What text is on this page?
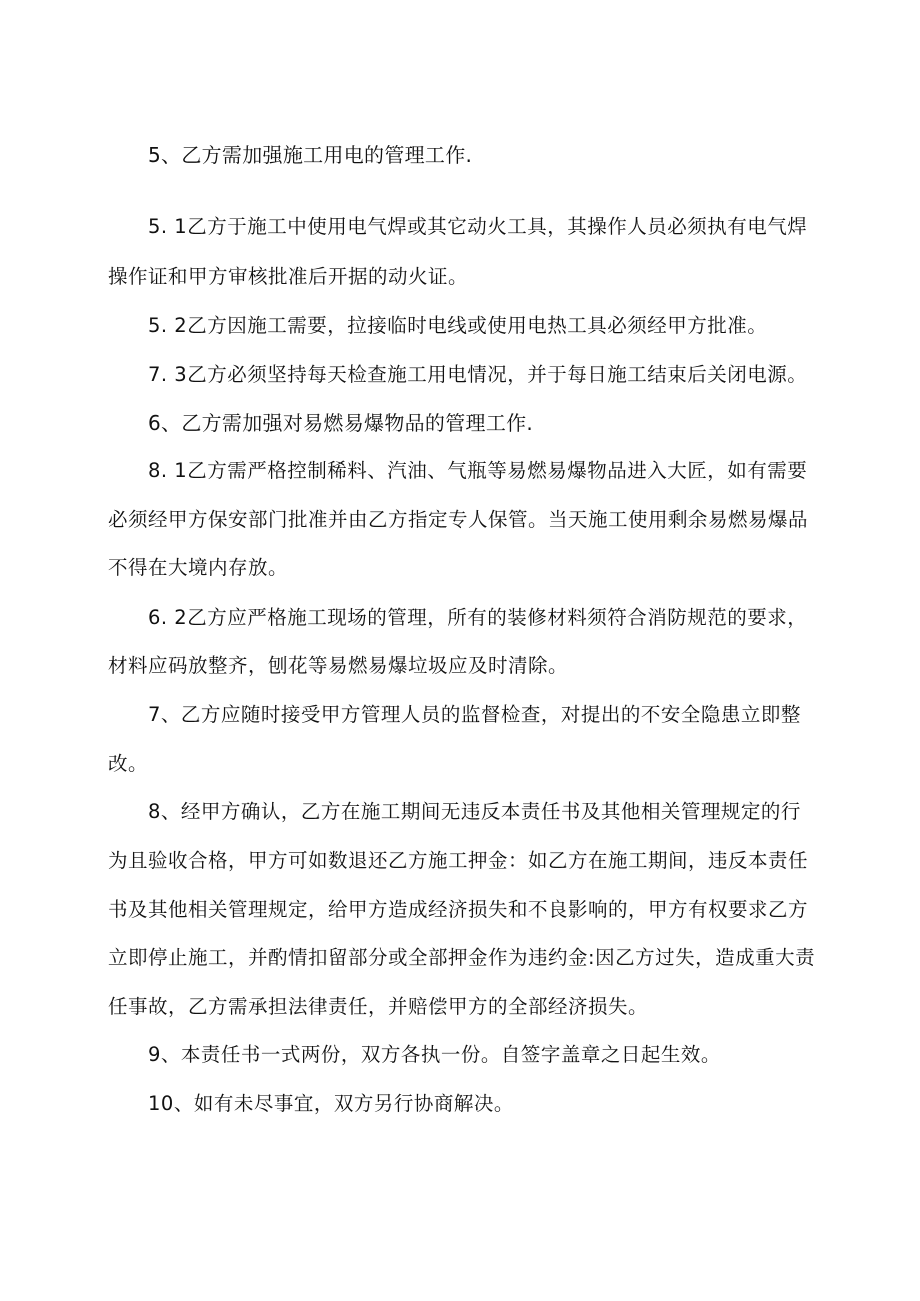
5、乙方需加强施工用电的管理工作.
5. 1乙方于施工中使用电气焊或其它动火工具，其操作人员必须执有电气焊
操作证和甲方审核批准后开据的动火证。
5. 2乙方因施工需要，拉接临时电线或使用电热工具必须经甲方批准。
7. 3乙方必须坚持每天检查施工用电情况，并于每日施工结束后关闭电源。
6、乙方需加强对易燃易爆物品的管理工作.
8. 1乙方需严格控制稀料、汽油、气瓶等易燃易爆物品进入大匠，如有需要
必须经甲方保安部门批准并由乙方指定专人保管。当天施工使用剩余易燃易爆品
不得在大境内存放。
6. 2乙方应严格施工现场的管理，所有的装修材料须符合消防规范的要求，
材料应码放整齐，刨花等易燃易爆垃圾应及时清除。
7、乙方应随时接受甲方管理人员的监督检查，对提出的不安全隐患立即整
改。
8、经甲方确认，乙方在施工期间无违反本责任书及其他相关管理规定的行
为且验收合格，甲方可如数退还乙方施工押金：如乙方在施工期间，违反本责任
书及其他相关管理规定，给甲方造成经济损失和不良影响的，甲方有权要求乙方
立即停止施工，并酌情扣留部分或全部押金作为违约金:因乙方过失，造成重大责
任事故，乙方需承担法律责任，并赔偿甲方的全部经济损失。
9、本责任书一式两份，双方各执一份。自签字盖章之日起生效。
10、如有未尽事宜，双方另行协商解决。
